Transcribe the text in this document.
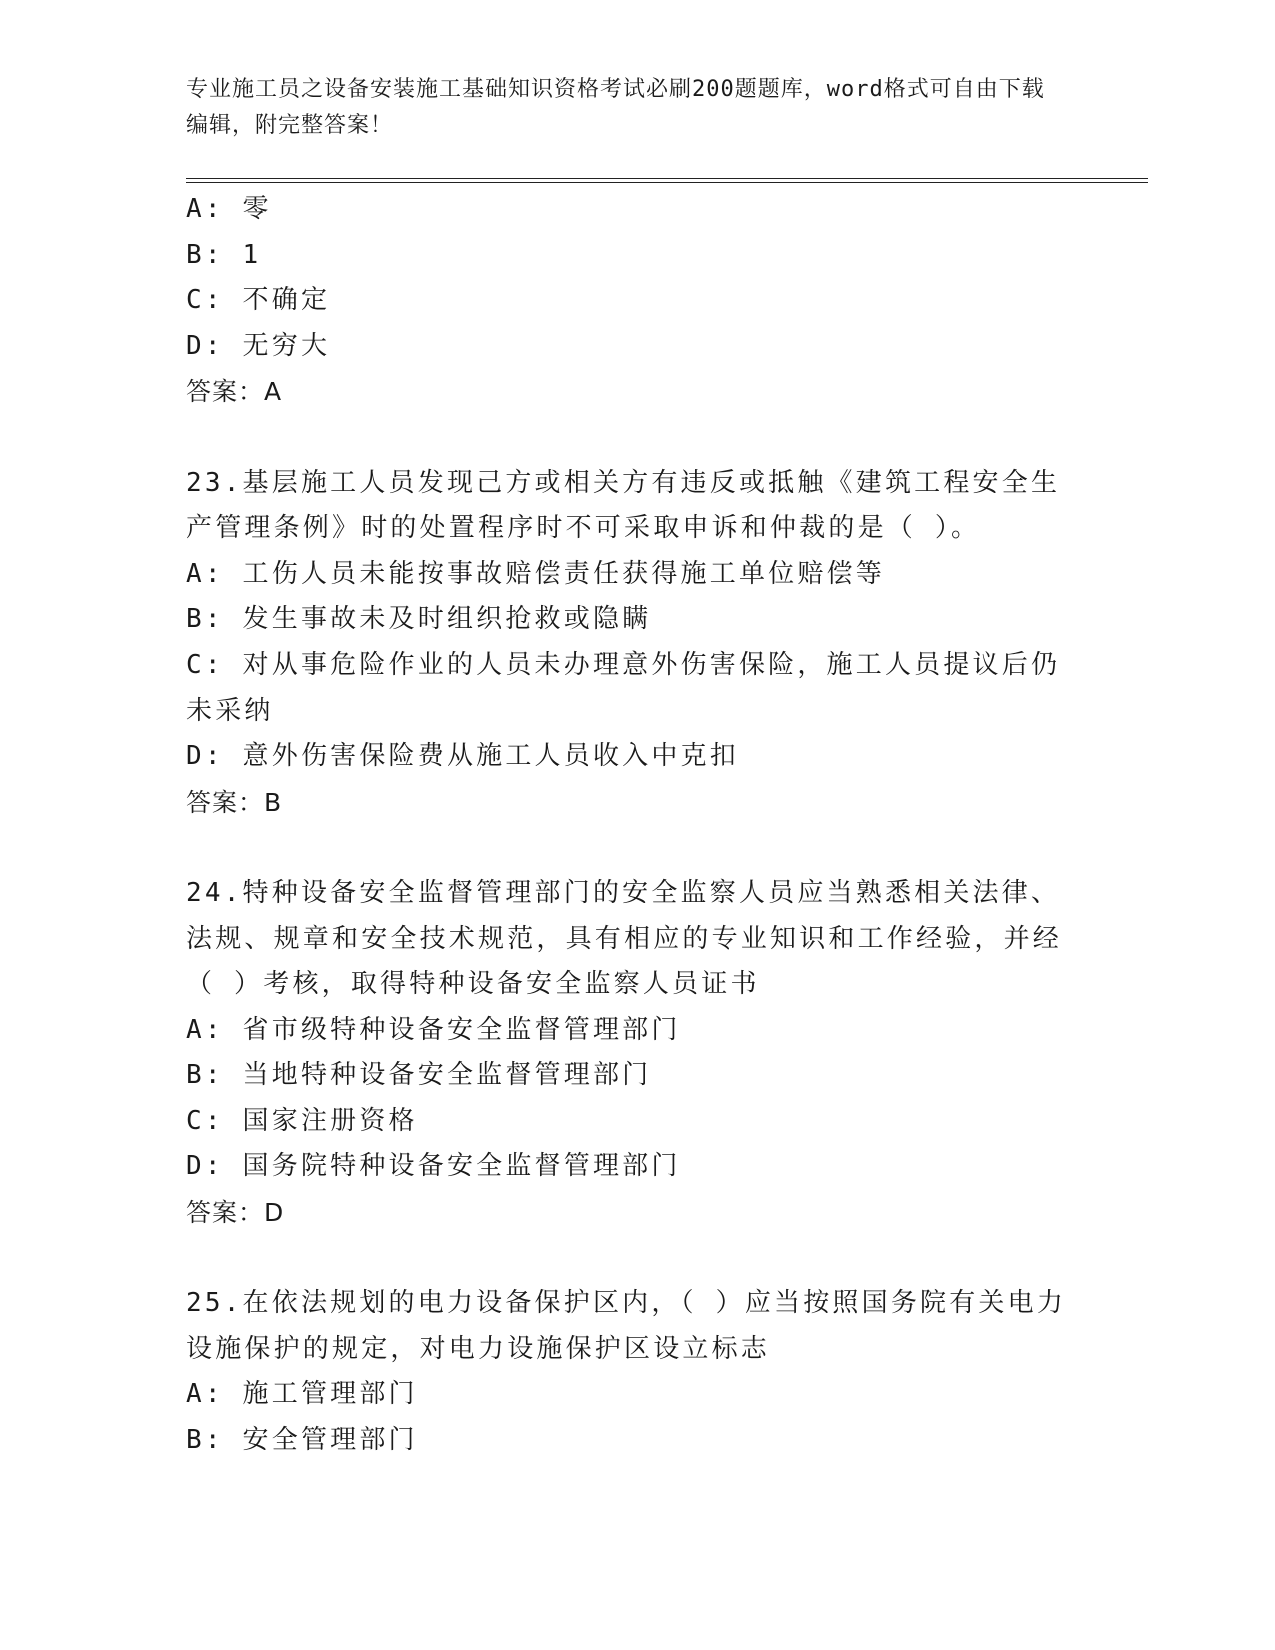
专业施工员之设备安装施工基础知识资格考试必刷200题题库，word格式可自由下载编辑，附完整答案！
A: 零
B: 1
C: 不确定
D: 无穷大
答案：A
23.基层施工人员发现己方或相关方有违反或抵触《建筑工程安全生产管理条例》时的处置程序时不可采取申诉和仲裁的是（ ）。
A: 工伤人员未能按事故赔偿责任获得施工单位赔偿等
B: 发生事故未及时组织抢救或隐瞒
C: 对从事危险作业的人员未办理意外伤害保险，施工人员提议后仍未采纳
D: 意外伤害保险费从施工人员收入中克扣
答案：B
24.特种设备安全监督管理部门的安全监察人员应当熟悉相关法律、法规、规章和安全技术规范，具有相应的专业知识和工作经验，并经（ ）考核，取得特种设备安全监察人员证书
A: 省市级特种设备安全监督管理部门
B: 当地特种设备安全监督管理部门
C: 国家注册资格
D: 国务院特种设备安全监督管理部门
答案：D
25.在依法规划的电力设备保护区内，（ ）应当按照国务院有关电力设施保护的规定，对电力设施保护区设立标志
A: 施工管理部门
B: 安全管理部门
